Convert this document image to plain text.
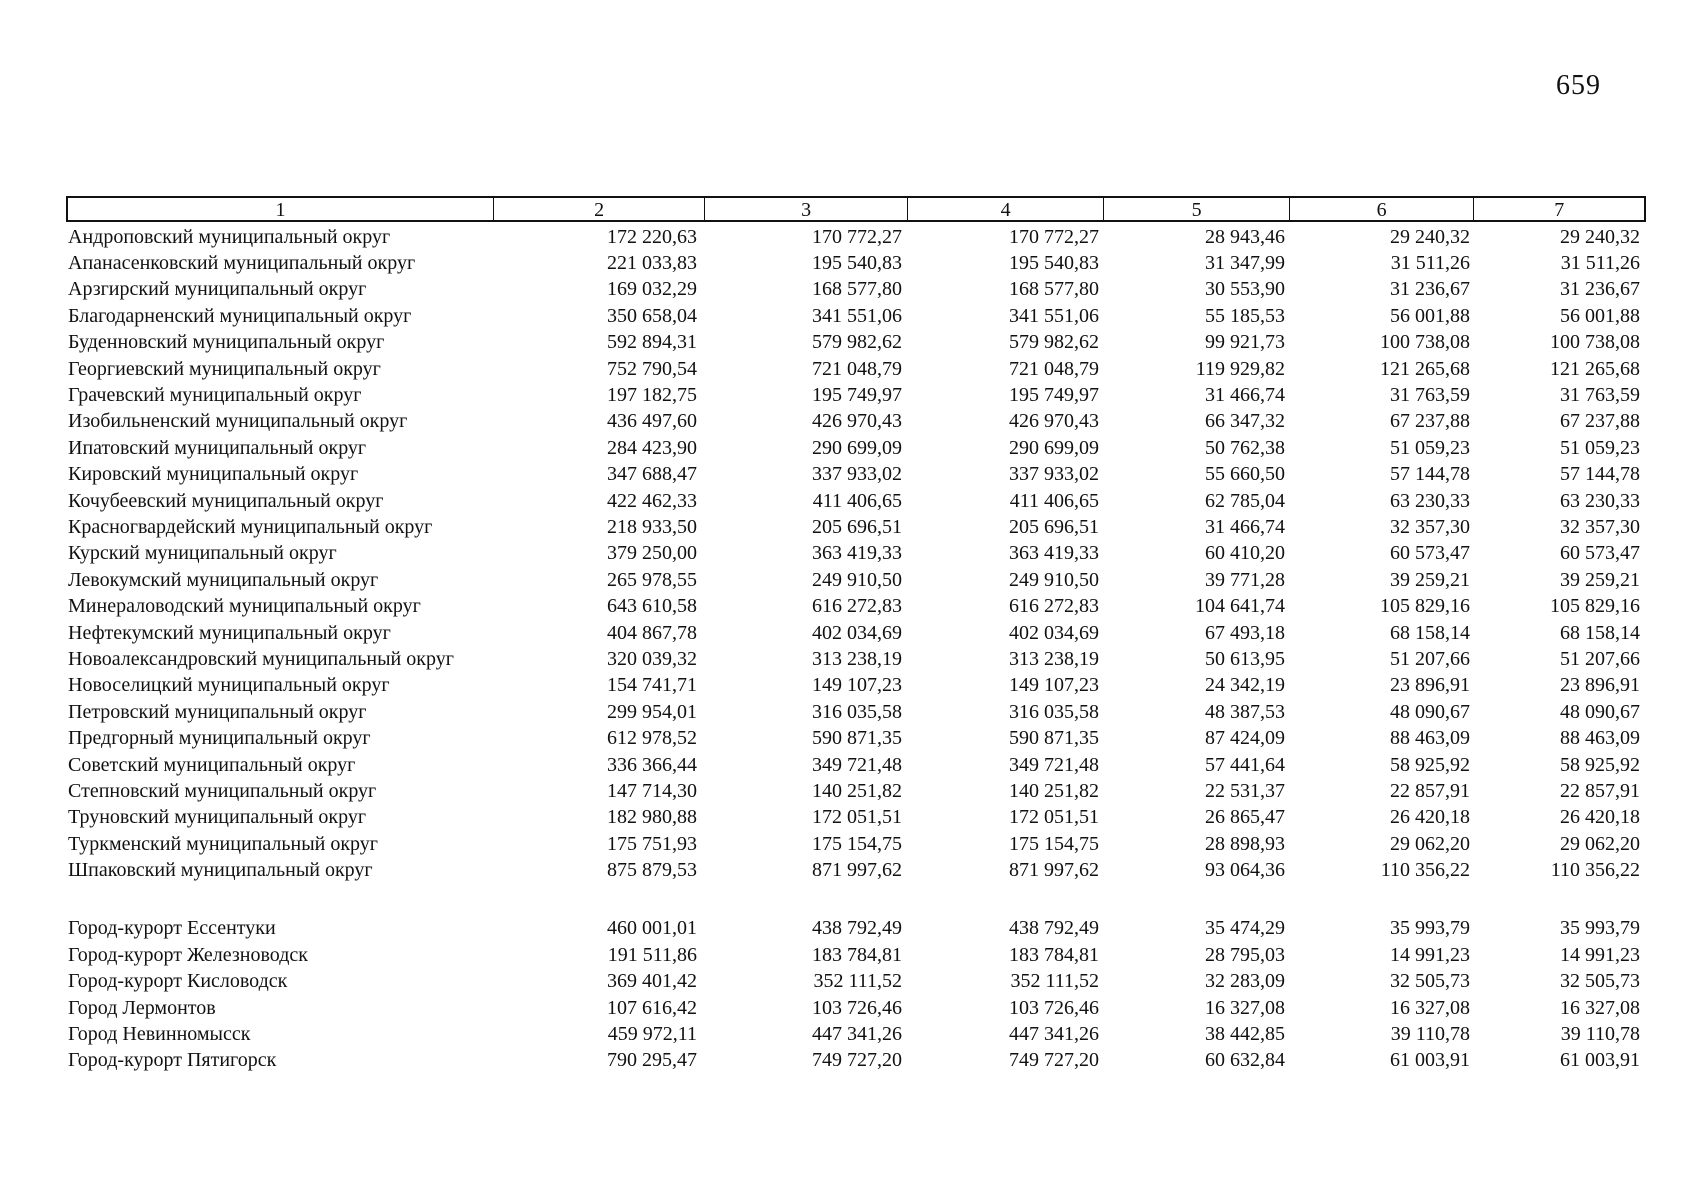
659
1	2	3	4	5	6	7
Андроповский муниципальный округ	172 220,63	170 772,27	170 772,27	28 943,46	29 240,32	29 240,32
Апанасенковский муниципальный округ	221 033,83	195 540,83	195 540,83	31 347,99	31 511,26	31 511,26
Арзгирский муниципальный округ	169 032,29	168 577,80	168 577,80	30 553,90	31 236,67	31 236,67
Благодарненский муниципальный округ	350 658,04	341 551,06	341 551,06	55 185,53	56 001,88	56 001,88
Буденновский муниципальный округ	592 894,31	579 982,62	579 982,62	99 921,73	100 738,08	100 738,08
Георгиевский муниципальный округ	752 790,54	721 048,79	721 048,79	119 929,82	121 265,68	121 265,68
Грачевский муниципальный округ	197 182,75	195 749,97	195 749,97	31 466,74	31 763,59	31 763,59
Изобильненский муниципальный округ	436 497,60	426 970,43	426 970,43	66 347,32	67 237,88	67 237,88
Ипатовский муниципальный округ	284 423,90	290 699,09	290 699,09	50 762,38	51 059,23	51 059,23
Кировский муниципальный округ	347 688,47	337 933,02	337 933,02	55 660,50	57 144,78	57 144,78
Кочубеевский муниципальный округ	422 462,33	411 406,65	411 406,65	62 785,04	63 230,33	63 230,33
Красногвардейский муниципальный округ	218 933,50	205 696,51	205 696,51	31 466,74	32 357,30	32 357,30
Курский муниципальный округ	379 250,00	363 419,33	363 419,33	60 410,20	60 573,47	60 573,47
Левокумский муниципальный округ	265 978,55	249 910,50	249 910,50	39 771,28	39 259,21	39 259,21
Минераловодский муниципальный округ	643 610,58	616 272,83	616 272,83	104 641,74	105 829,16	105 829,16
Нефтекумский муниципальный округ	404 867,78	402 034,69	402 034,69	67 493,18	68 158,14	68 158,14
Новоалександровский муниципальный округ	320 039,32	313 238,19	313 238,19	50 613,95	51 207,66	51 207,66
Новоселицкий муниципальный округ	154 741,71	149 107,23	149 107,23	24 342,19	23 896,91	23 896,91
Петровский муниципальный округ	299 954,01	316 035,58	316 035,58	48 387,53	48 090,67	48 090,67
Предгорный муниципальный округ	612 978,52	590 871,35	590 871,35	87 424,09	88 463,09	88 463,09
Советский муниципальный округ	336 366,44	349 721,48	349 721,48	57 441,64	58 925,92	58 925,92
Степновский муниципальный округ	147 714,30	140 251,82	140 251,82	22 531,37	22 857,91	22 857,91
Труновский муниципальный округ	182 980,88	172 051,51	172 051,51	26 865,47	26 420,18	26 420,18
Туркменский муниципальный округ	175 751,93	175 154,75	175 154,75	28 898,93	29 062,20	29 062,20
Шпаковский муниципальный округ	875 879,53	871 997,62	871 997,62	93 064,36	110 356,22	110 356,22
Город-курорт Ессентуки	460 001,01	438 792,49	438 792,49	35 474,29	35 993,79	35 993,79
Город-курорт Железноводск	191 511,86	183 784,81	183 784,81	28 795,03	14 991,23	14 991,23
Город-курорт Кисловодск	369 401,42	352 111,52	352 111,52	32 283,09	32 505,73	32 505,73
Город Лермонтов	107 616,42	103 726,46	103 726,46	16 327,08	16 327,08	16 327,08
Город Невинномысск	459 972,11	447 341,26	447 341,26	38 442,85	39 110,78	39 110,78
Город-курорт Пятигорск	790 295,47	749 727,20	749 727,20	60 632,84	61 003,91	61 003,91
